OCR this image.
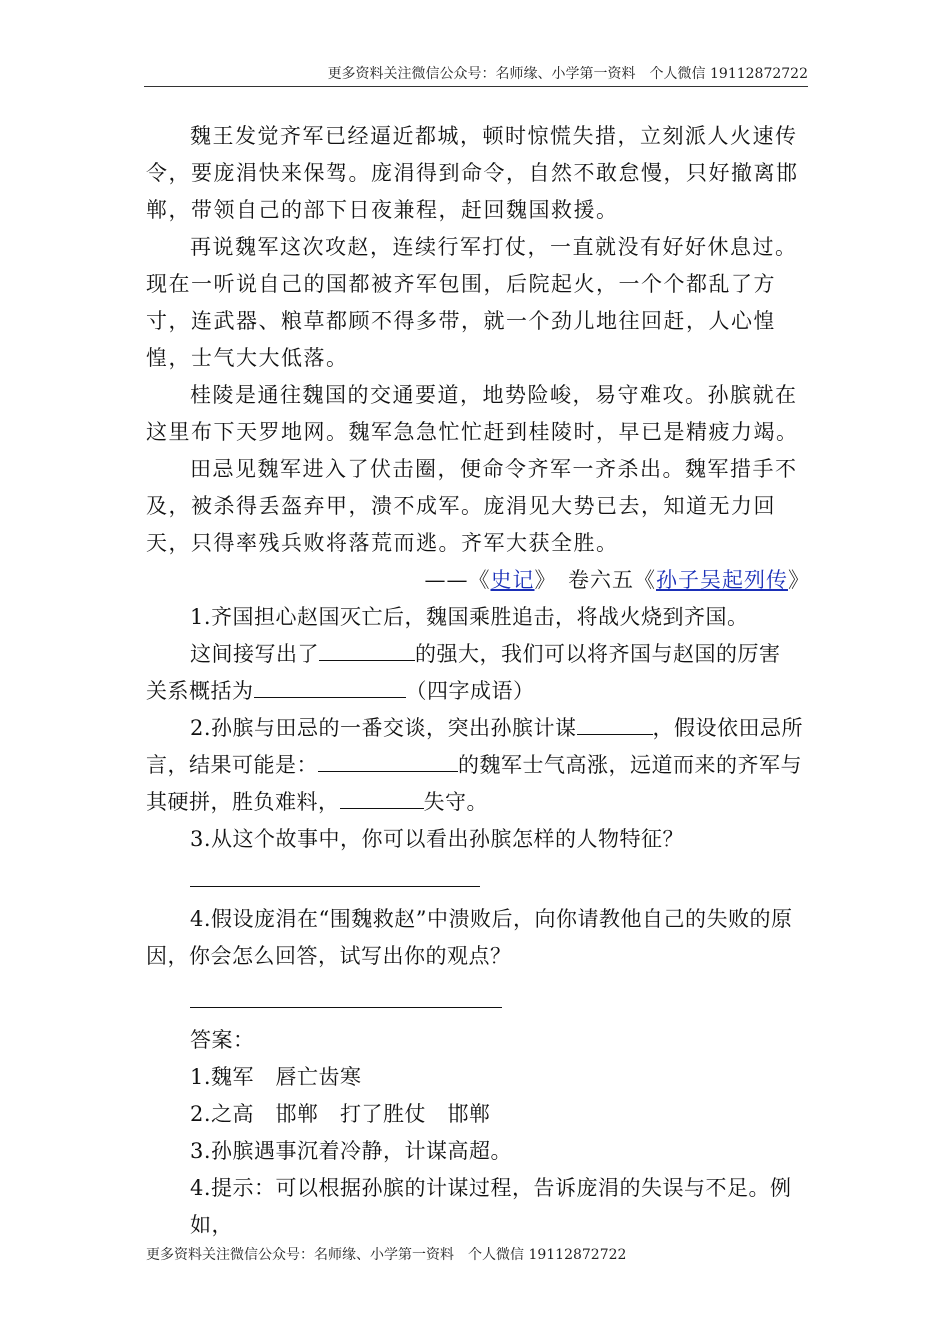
更多资料关注微信公众号：名师缘、小学第一资料　个人微信 19112872722

魏王发觉齐军已经逼近都城，顿时惊慌失措，立刻派人火速传令，要庞涓快来保驾。庞涓得到命令，自然不敢怠慢，只好撤离邯郸，带领自己的部下日夜兼程，赶回魏国救援。

再说魏军这次攻赵，连续行军打仗，一直就没有好好休息过。现在一听说自己的国都被齐军包围，后院起火，一个个都乱了方寸，连武器、粮草都顾不得多带，就一个劲儿地往回赶，人心惶惶，士气大大低落。

桂陵是通往魏国的交通要道，地势险峻，易守难攻。孙膑就在这里布下天罗地网。魏军急急忙忙赶到桂陵时，早已是精疲力竭。

田忌见魏军进入了伏击圈，便命令齐军一齐杀出。魏军措手不及，被杀得丢盔弃甲，溃不成军。庞涓见大势已去，知道无力回天，只得率残兵败将落荒而逃。齐军大获全胜。

——《史记》　卷六五《孙子吴起列传》

1.齐国担心赵国灭亡后，魏国乘胜追击，将战火烧到齐国。

这间接写出了	的强大，我们可以将齐国与赵国的厉害

关系概括为	（四字成语）

2.孙膑与田忌的一番交谈，突出孙膑计谋	，假设依田忌所言，结果可能是：	的魏军士气高涨，远道而来的齐军与其硬拼，胜负难料，	失守。

3.从这个故事中，你可以看出孙膑怎样的人物特征？

4.假设庞涓在“围魏救赵”中溃败后，向你请教他自己的失败的原因，你会怎么回答，试写出你的观点？

答案：

1.魏军　唇亡齿寒

2.之高　邯郸　打了胜仗　邯郸

3.孙膑遇事沉着冷静，计谋高超。

4.提示：可以根据孙膑的计谋过程，告诉庞涓的失误与不足。例如，

更多资料关注微信公众号：名师缘、小学第一资料　个人微信 19112872722
